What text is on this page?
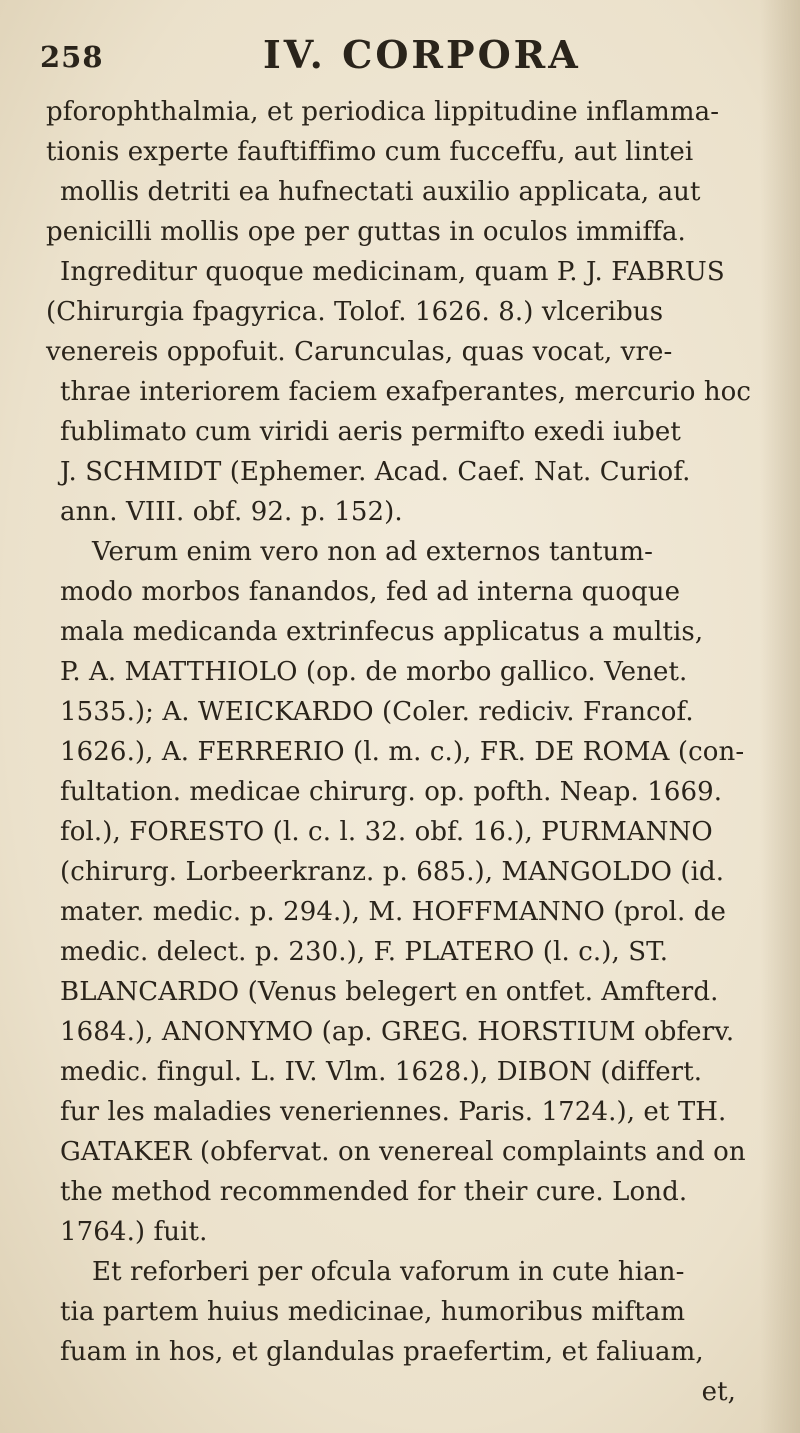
258	IV. CORPORA
pforophthalmia, et periodica lippitudine inflamma-
tionis experte fauftiffimo cum fucceffu, aut lintei
mollis detriti ea hufnectati auxilio applicata, aut
penicilli mollis ope per guttas in oculos immiffa.
Ingreditur quoque medicinam, quam P. J. FABRUS
(Chirurgia fpagyrica. Tolof. 1626. 8.) vlceribus
venereis oppofuit. Carunculas, quas vocat, vre-
thrae interiorem faciem exafperantes, mercurio hoc
fublimato cum viridi aeris permifto exedi iubet
J. SCHMIDT (Ephemer. Acad. Caef. Nat. Curiof.
ann. VIII. obf. 92. p. 152).
Verum enim vero non ad externos tantum-
modo morbos fanandos, fed ad interna quoque
mala medicanda extrinfecus applicatus a multis,
P. A. MATTHIOLO (op. de morbo gallico. Venet.
1535.); A. WEICKARDO (Coler. rediciv. Francof.
1626.), A. FERRERIO (l. m. c.), FR. DE ROMA (con-
fultation. medicae chirurg. op. pofth. Neap. 1669.
fol.), FORESTO (l. c. l. 32. obf. 16.), PURMANNO
(chirurg. Lorbeerkranz. p. 685.), MANGOLDO (id.
mater. medic. p. 294.), M. HOFFMANNO (prol. de
medic. delect. p. 230.), F. PLATERO (l. c.), ST.
BLANCARDO (Venus belegert en ontfet. Amfterd.
1684.), ANONYMO (ap. GREG. HORSTIUM obferv.
medic. fingul. L. IV. Vlm. 1628.), DIBON (differt.
fur les maladies veneriennes. Paris. 1724.), et TH.
GATAKER (obfervat. on venereal complaints and on
the method recommended for their cure. Lond.
1764.) fuit.
Et reforberi per ofcula vaforum in cute hian-
tia partem huius medicinae, humoribus miftam
fuam in hos, et glandulas praefertim, et faliuam,
et,
